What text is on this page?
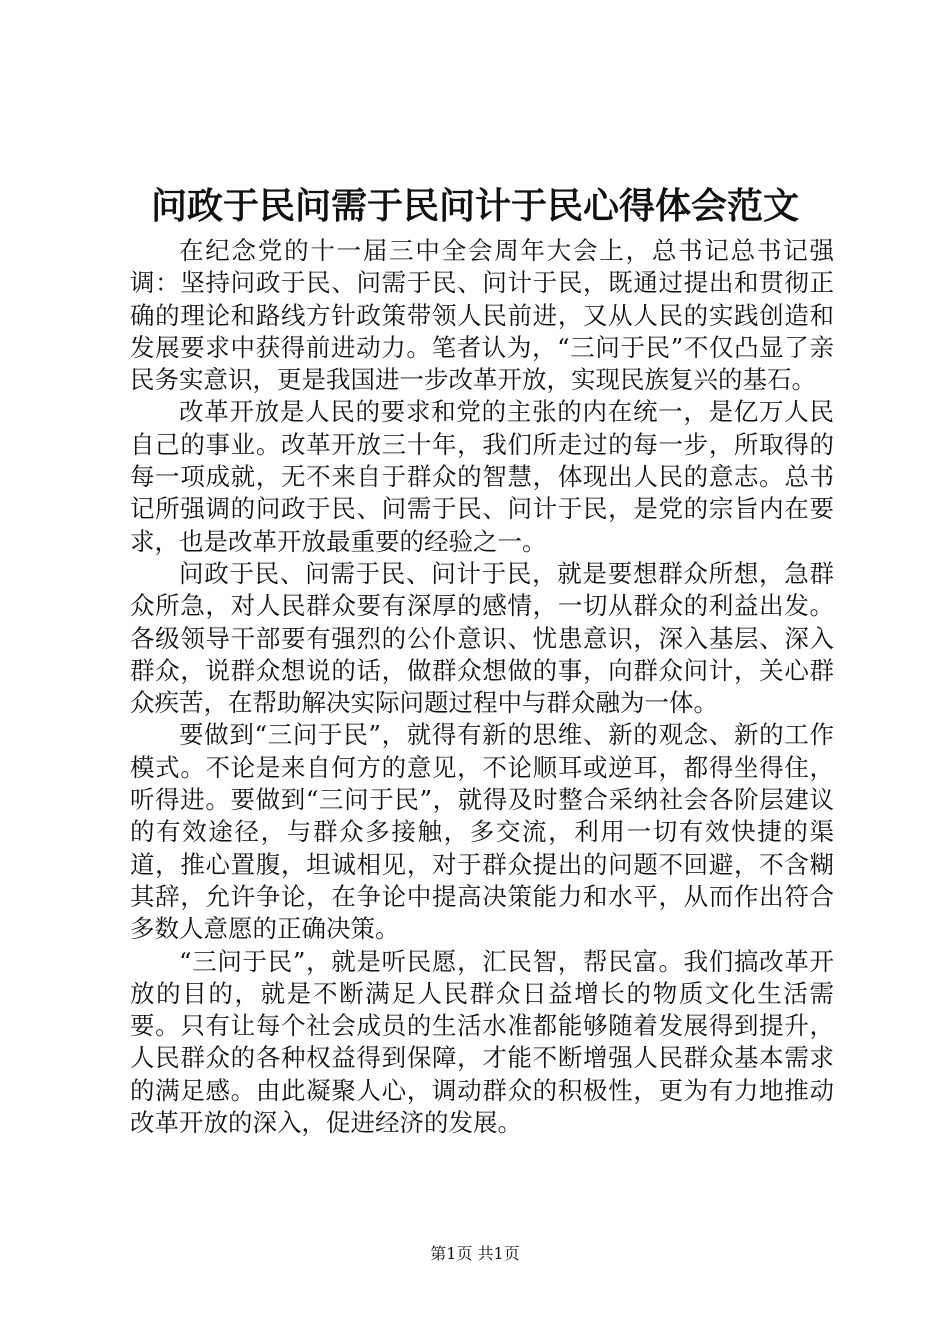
问政于民问需于民问计于民心得体会范文

在纪念党的十一届三中全会周年大会上，总书记总书记强调：坚持问政于民、问需于民、问计于民，既通过提出和贯彻正确的理论和路线方针政策带领人民前进，又从人民的实践创造和发展要求中获得前进动力。笔者认为，“三问于民”不仅凸显了亲民务实意识，更是我国进一步改革开放，实现民族复兴的基石。

改革开放是人民的要求和党的主张的内在统一，是亿万人民自己的事业。改革开放三十年，我们所走过的每一步，所取得的每一项成就，无不来自于群众的智慧，体现出人民的意志。总书记所强调的问政于民、问需于民、问计于民，是党的宗旨内在要求，也是改革开放最重要的经验之一。

问政于民、问需于民、问计于民，就是要想群众所想，急群众所急，对人民群众要有深厚的感情，一切从群众的利益出发。各级领导干部要有强烈的公仆意识、忧患意识，深入基层、深入群众，说群众想说的话，做群众想做的事，向群众问计，关心群众疾苦，在帮助解决实际问题过程中与群众融为一体。

要做到“三问于民”，就得有新的思维、新的观念、新的工作模式。不论是来自何方的意见，不论顺耳或逆耳，都得坐得住，听得进。要做到“三问于民”，就得及时整合采纳社会各阶层建议的有效途径，与群众多接触，多交流，利用一切有效快捷的渠道，推心置腹，坦诚相见，对于群众提出的问题不回避，不含糊其辞，允许争论，在争论中提高决策能力和水平，从而作出符合多数人意愿的正确决策。

“三问于民”，就是听民愿，汇民智，帮民富。我们搞改革开放的目的，就是不断满足人民群众日益增长的物质文化生活需要。只有让每个社会成员的生活水准都能够随着发展得到提升，人民群众的各种权益得到保障，才能不断增强人民群众基本需求的满足感。由此凝聚人心，调动群众的积极性，更为有力地推动改革开放的深入，促进经济的发展。

第1页 共1页
